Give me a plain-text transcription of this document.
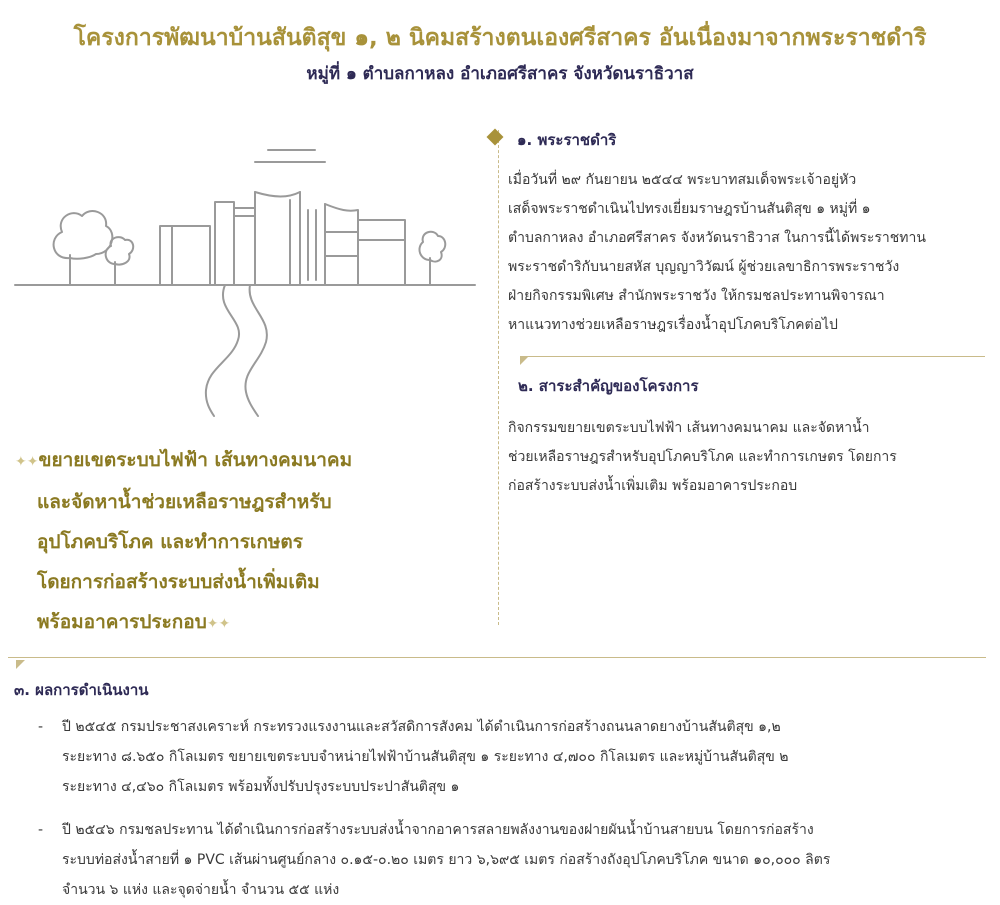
โครงการพัฒนาบ้านสันติสุข ๑, ๒ นิคมสร้างตนเองศรีสาคร อันเนื่องมาจากพระราชดำริ
หมู่ที่ ๑ ตำบลกาหลง อำเภอศรีสาคร จังหวัดนราธิวาส
✦✦ขยายเขตระบบไฟฟ้า เส้นทางคมนาคม
และจัดหาน้ำช่วยเหลือราษฎรสำหรับ
อุปโภคบริโภค และทำการเกษตร
โดยการก่อสร้างระบบส่งน้ำเพิ่มเติม
พร้อมอาคารประกอบ✦✦
๑. พระราชดำริ
เมื่อวันที่ ๒๙ กันยายน ๒๕๔๔ พระบาทสมเด็จพระเจ้าอยู่หัว
เสด็จพระราชดำเนินไปทรงเยี่ยมราษฎรบ้านสันติสุข ๑ หมู่ที่ ๑
ตำบลกาหลง อำเภอศรีสาคร จังหวัดนราธิวาส ในการนี้ได้พระราชทาน
พระราชดำริกับนายสหัส บุญญาวิวัฒน์ ผู้ช่วยเลขาธิการพระราชวัง
ฝ่ายกิจกรรมพิเศษ สำนักพระราชวัง ให้กรมชลประทานพิจารณา
หาแนวทางช่วยเหลือราษฎรเรื่องน้ำอุปโภคบริโภคต่อไป
๒. สาระสำคัญของโครงการ
กิจกรรมขยายเขตระบบไฟฟ้า เส้นทางคมนาคม และจัดหาน้ำ
ช่วยเหลือราษฎรสำหรับอุปโภคบริโภค และทำการเกษตร โดยการ
ก่อสร้างระบบส่งน้ำเพิ่มเติม พร้อมอาคารประกอบ
๓. ผลการดำเนินงาน
-	ปี ๒๕๔๕ กรมประชาสงเคราะห์ กระทรวงแรงงานและสวัสดิการสังคม ได้ดำเนินการก่อสร้างถนนลาดยางบ้านสันติสุข ๑,๒
ระยะทาง ๘.๖๕๐ กิโลเมตร ขยายเขตระบบจำหน่ายไฟฟ้าบ้านสันติสุข ๑ ระยะทาง ๔,๗๐๐ กิโลเมตร และหมู่บ้านสันติสุข ๒
ระยะทาง ๔,๔๖๐ กิโลเมตร พร้อมทั้งปรับปรุงระบบประปาสันติสุข ๑
-	ปี ๒๕๔๖ กรมชลประทาน ได้ดำเนินการก่อสร้างระบบส่งน้ำจากอาคารสลายพลังงานของฝายผันน้ำบ้านสายบน โดยการก่อสร้าง
ระบบท่อส่งน้ำสายที่ ๑ PVC เส้นผ่านศูนย์กลาง ๐.๑๕-๐.๒๐ เมตร ยาว ๖,๖๙๕ เมตร ก่อสร้างถังอุปโภคบริโภค ขนาด ๑๐,๐๐๐ ลิตร
จำนวน ๖ แห่ง และจุดจ่ายน้ำ จำนวน ๕๕ แห่ง
